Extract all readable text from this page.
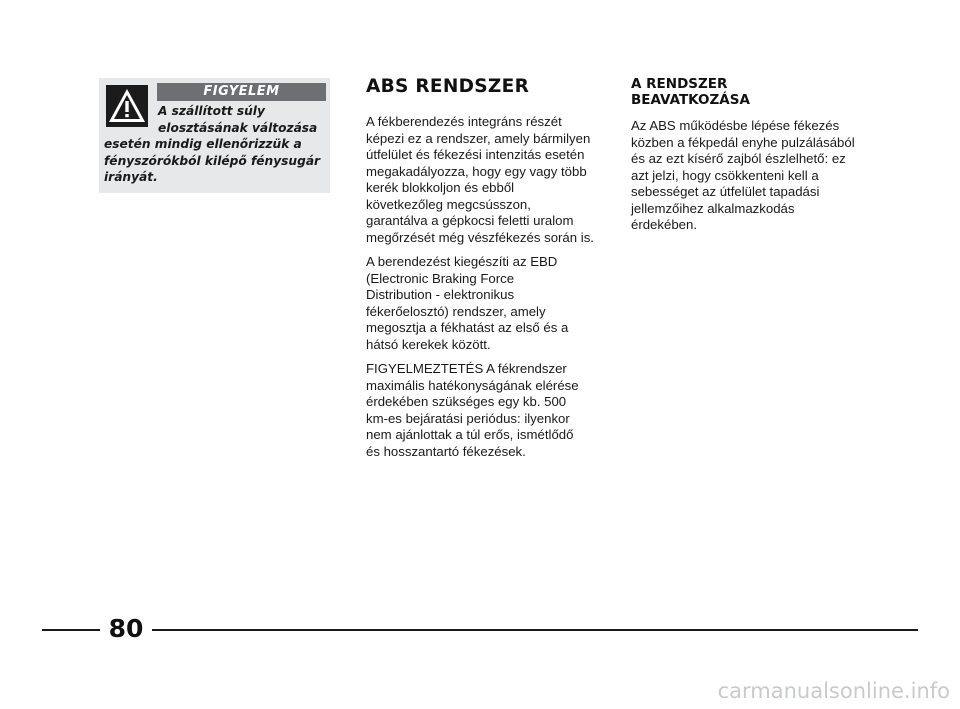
FIGYELEM

A szállított súly
elosztásának változása
esetén mindig ellenőrizzük a
fényszórókból kilépő fénysugár
irányát.

ABS RENDSZER

A fékberendezés integráns részét
képezi ez a rendszer, amely bármilyen
útfelület és fékezési intenzitás esetén
megakadályozza, hogy egy vagy több
kerék blokkoljon és ebből
következőleg megcsússzon,
garantálva a gépkocsi feletti uralom
megőrzését még vészfékezés során is.

A berendezést kiegészíti az EBD
(Electronic Braking Force
Distribution - elektronikus
fékerőelosztó) rendszer, amely
megosztja a fékhatást az első és a
hátsó kerekek között.

FIGYELMEZTETÉS A fékrendszer
maximális hatékonyságának elérése
érdekében szükséges egy kb. 500
km-es bejáratási periódus: ilyenkor
nem ajánlottak a túl erős, ismétlődő
és hosszantartó fékezések.

A RENDSZER
BEAVATKOZÁSA

Az ABS működésbe lépése fékezés
közben a fékpedál enyhe pulzálásából
és az ezt kísérő zajból észlelhető: ez
azt jelzi, hogy csökkenteni kell a
sebességet az útfelület tapadási
jellemzőihez alkalmazkodás
érdekében.

80
carmanualsonline.info
